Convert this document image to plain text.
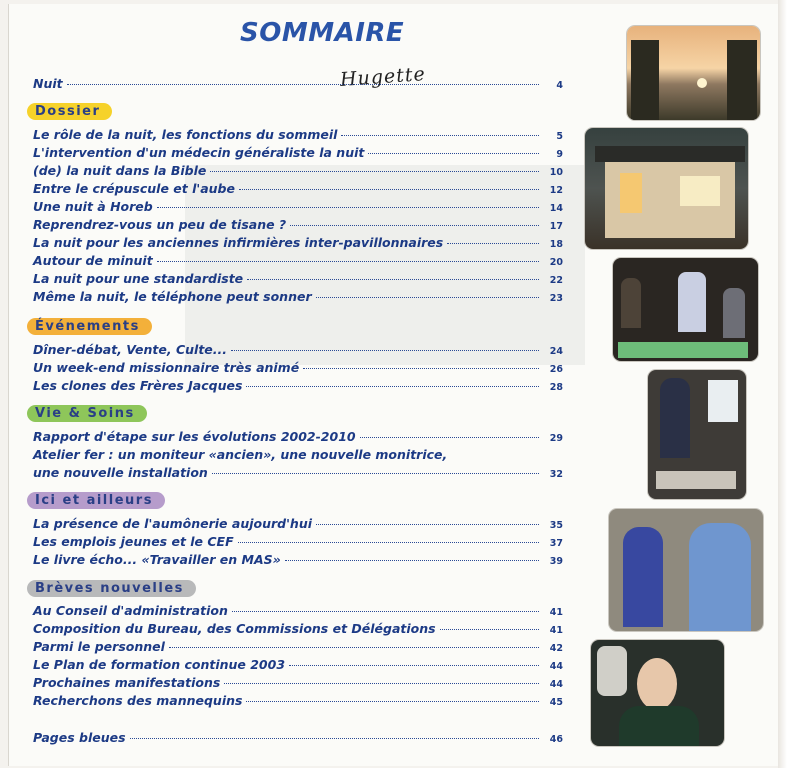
SOMMAIRE
Hugette
Nuit	4
Dossier
Le rôle de la nuit, les fonctions du sommeil	5
L'intervention d'un médecin généraliste la nuit	9
(de) la nuit dans la Bible	10
Entre le crépuscule et l'aube	12
Une nuit à Horeb	14
Reprendrez-vous un peu de tisane ?	17
La nuit pour les anciennes infirmières inter-pavillonnaires	18
Autour de minuit	20
La nuit pour une standardiste	22
Même la nuit, le téléphone peut sonner	23
Événements
Dîner-débat, Vente, Culte...	24
Un week-end missionnaire très animé	26
Les clones des Frères Jacques	28
Vie & Soins
Rapport d'étape sur les évolutions 2002-2010	29
Atelier fer : un moniteur «ancien», une nouvelle monitrice,
une nouvelle installation	32
Ici et ailleurs
La présence de l'aumônerie aujourd'hui	35
Les emplois jeunes et le CEF	37
Le livre écho... «Travailler en MAS»	39
Brèves nouvelles
Au Conseil d'administration	41
Composition du Bureau, des Commissions et Délégations	41
Parmi le personnel	42
Le Plan de formation continue 2003	44
Prochaines manifestations	44
Recherchons des mannequins	45
Pages bleues	46
